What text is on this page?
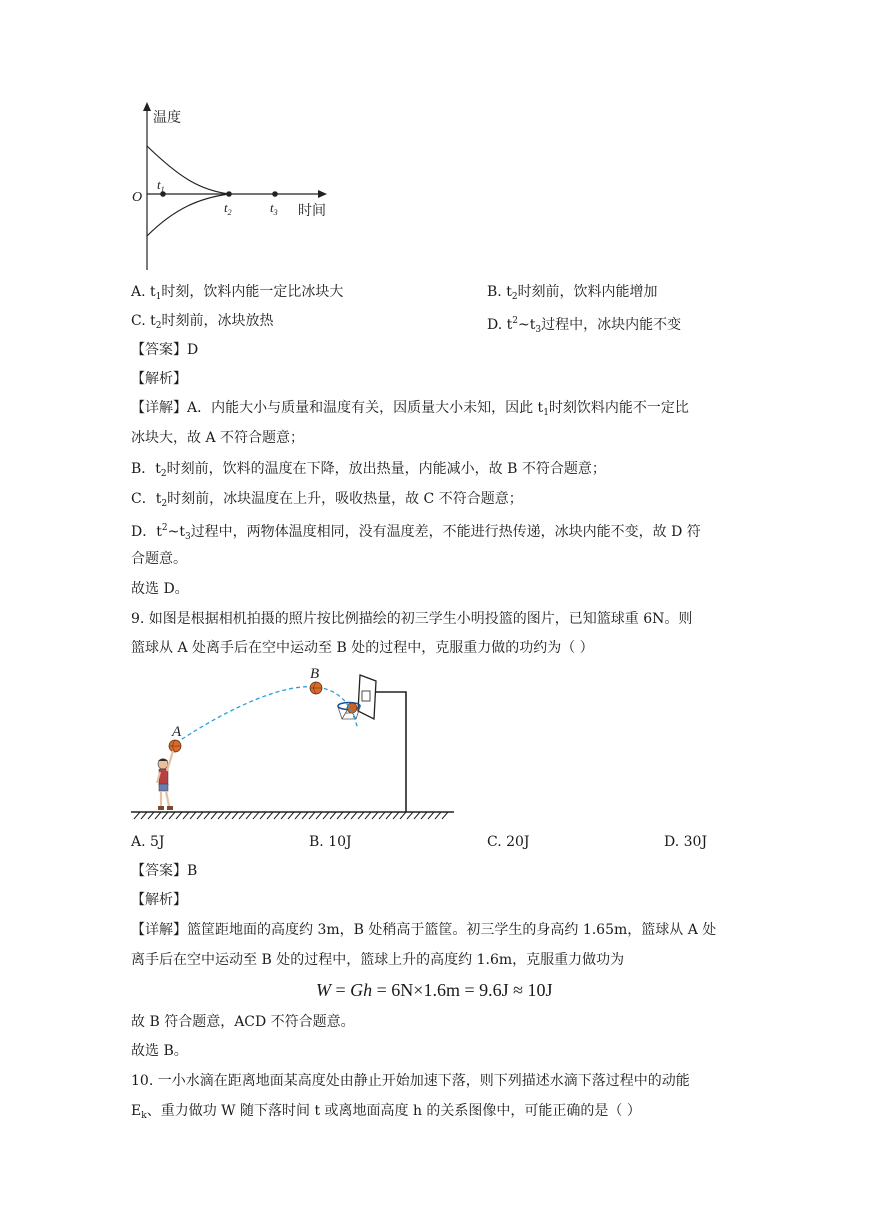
温度
时间
O
$t_1$
$t_2$	$t_3$
A. $t_1$时刻，饮料内能一定比冰块大	B. $t_2$时刻前，饮料内能增加
C. $t_2$时刻前，冰块放热	D. $t^2\sim t_3$过程中，冰块内能不变
【答案】D
【解析】
【详解】A．内能大小与质量和温度有关，因质量大小未知，因此 $t_1$时刻饮料内能不一定比
冰块大，故 A 不符合题意；
B．$t_2$时刻前，饮料的温度在下降，放出热量，内能减小，故 B 不符合题意；
C．$t_2$时刻前，冰块温度在上升，吸收热量，故 C 不符合题意；
D．$t^2\sim t_3$过程中，两物体温度相同，没有温度差，不能进行热传递，冰块内能不变，故 D 符
合题意。
故选 D。
9. 如图是根据相机拍摄的照片按比例描绘的初三学生小明投篮的图片，已知篮球重 6N。则
篮球从 A 处离手后在空中运动至 B 处的过程中，克服重力做的功约为（ ）
A
B
A. 5J	B. 10J	C. 20J	D. 30J
【答案】B
【解析】
【详解】篮筐距地面的高度约 3m，B 处稍高于篮筐。初三学生的身高约 1.65m，篮球从 A 处
离手后在空中运动至 B 处的过程中，篮球上升的高度约 1.6m，克服重力做功为
W = Gh = 6N×1.6m = 9.6J ≈ 10J
故 B 符合题意，ACD 不符合题意。
故选 B。
10. 一小水滴在距离地面某高度处由静止开始加速下落，则下列描述水滴下落过程中的动能
$E_k$、重力做功 W 随下落时间 t 或离地面高度 h 的关系图像中，可能正确的是（ ）
